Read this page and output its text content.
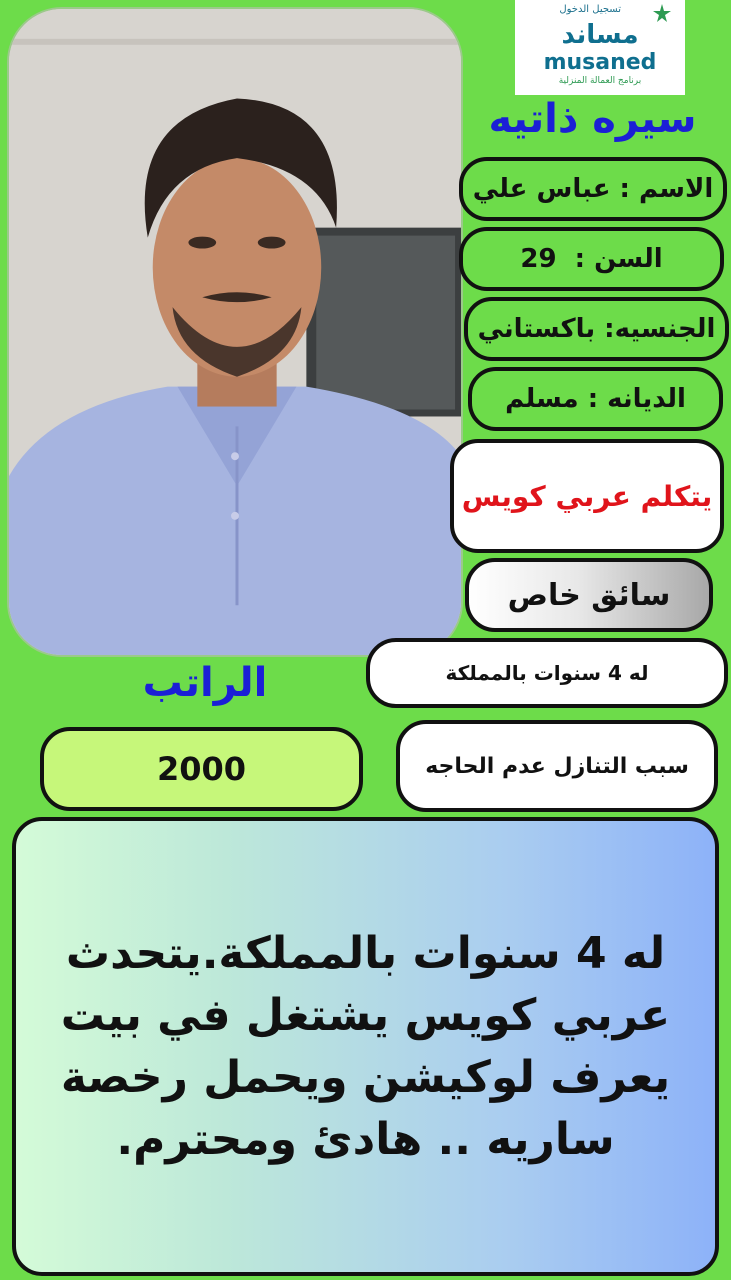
تسجيل الدخول
مساند
musaned
برنامج العمالة المنزلية
سيره ذاتيه
الاسم : عباس علي
السن :

29
الجنسيه: باكستاني
الديانه : مسلم
يتكلم عربي كويس
سائق خاص
له 4 سنوات بالمملكة
الراتب
2000	سبب التنازل عدم الحاجه
له 4 سنوات بالمملكة.يتحدث عربي كويس يشتغل في بيت يعرف لوكيشن ويحمل رخصة ساريه .. هادئ ومحترم.
